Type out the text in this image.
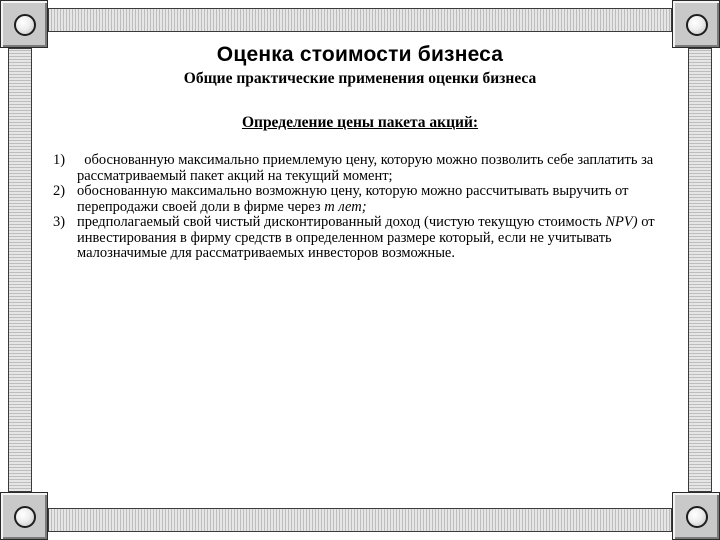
Оценка стоимости бизнеса
Общие практические применения оценки бизнеса
Определение цены пакета акций:
1) обоснованную максимально приемлемую цену, которую можно позволить себе заплатить за рассматриваемый пакет акций на текущий момент;
2) обоснованную максимально возможную цену, которую можно рассчитывать выручить от перепродажи своей доли в фирме через m лет;
3) предполагаемый свой чистый дисконтированный доход (чистую текущую стоимость NPV) от инвестирования в фирму средств в определенном размере который, если не учитывать малозначимые для рассматриваемых инвесторов возможные.
